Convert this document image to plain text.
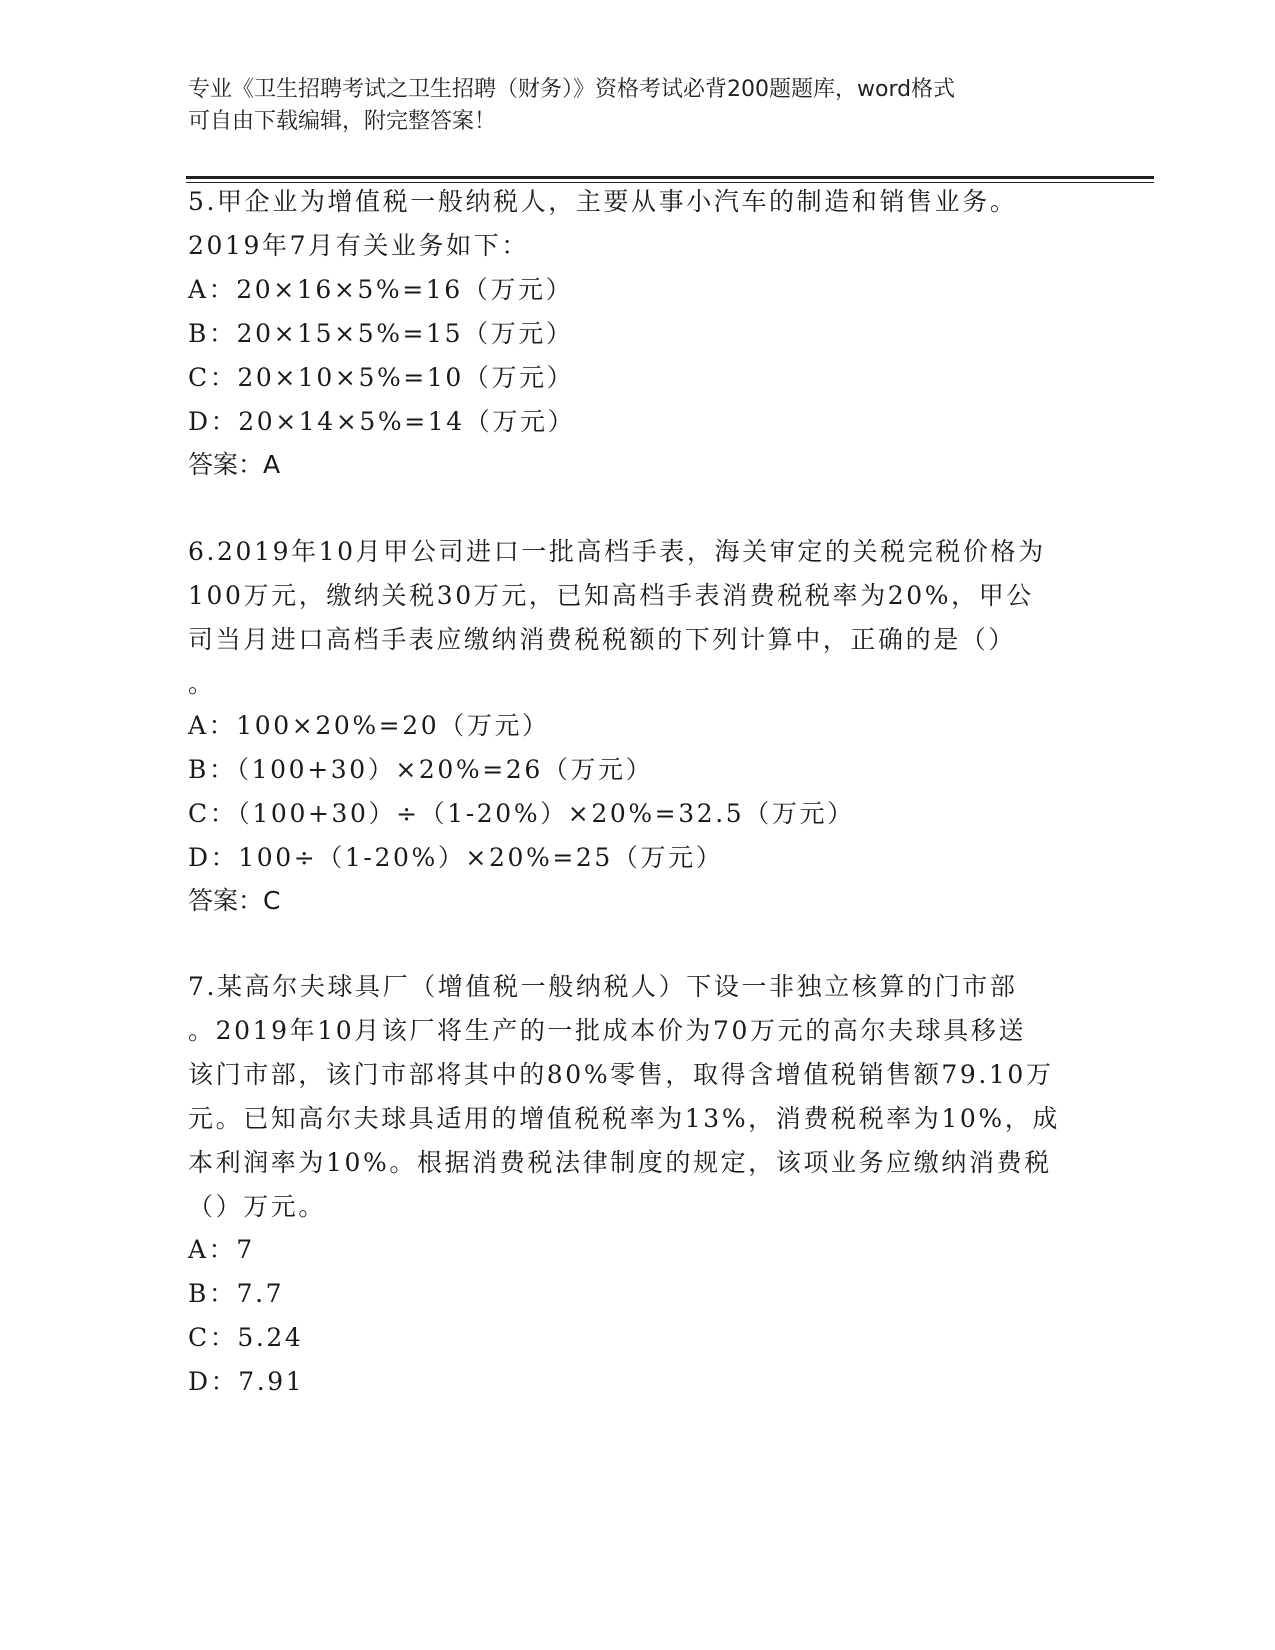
专业《卫生招聘考试之卫生招聘（财务）》资格考试必背200题题库，word格式
可自由下载编辑，附完整答案！
5.甲企业为增值税一般纳税人，主要从事小汽车的制造和销售业务。
2019年7月有关业务如下：
A：20×16×5%=16（万元）
B：20×15×5%=15（万元）
C：20×10×5%=10（万元）
D：20×14×5%=14（万元）
答案：A
6.2019年10月甲公司进口一批高档手表，海关审定的关税完税价格为
100万元，缴纳关税30万元，已知高档手表消费税税率为20%，甲公
司当月进口高档手表应缴纳消费税税额的下列计算中，正确的是（）
。
A：100×20%=20（万元）
B：（100+30）×20%=26（万元）
C：（100+30）÷（1-20%）×20%=32.5（万元）
D：100÷（1-20%）×20%=25（万元）
答案：C
7.某高尔夫球具厂（增值税一般纳税人）下设一非独立核算的门市部
。2019年10月该厂将生产的一批成本价为70万元的高尔夫球具移送
该门市部，该门市部将其中的80%零售，取得含增值税销售额79.10万
元。已知高尔夫球具适用的增值税税率为13%，消费税税率为10%，成
本利润率为10%。根据消费税法律制度的规定，该项业务应缴纳消费税
（）万元。
A：7
B：7.7
C：5.24
D：7.91
